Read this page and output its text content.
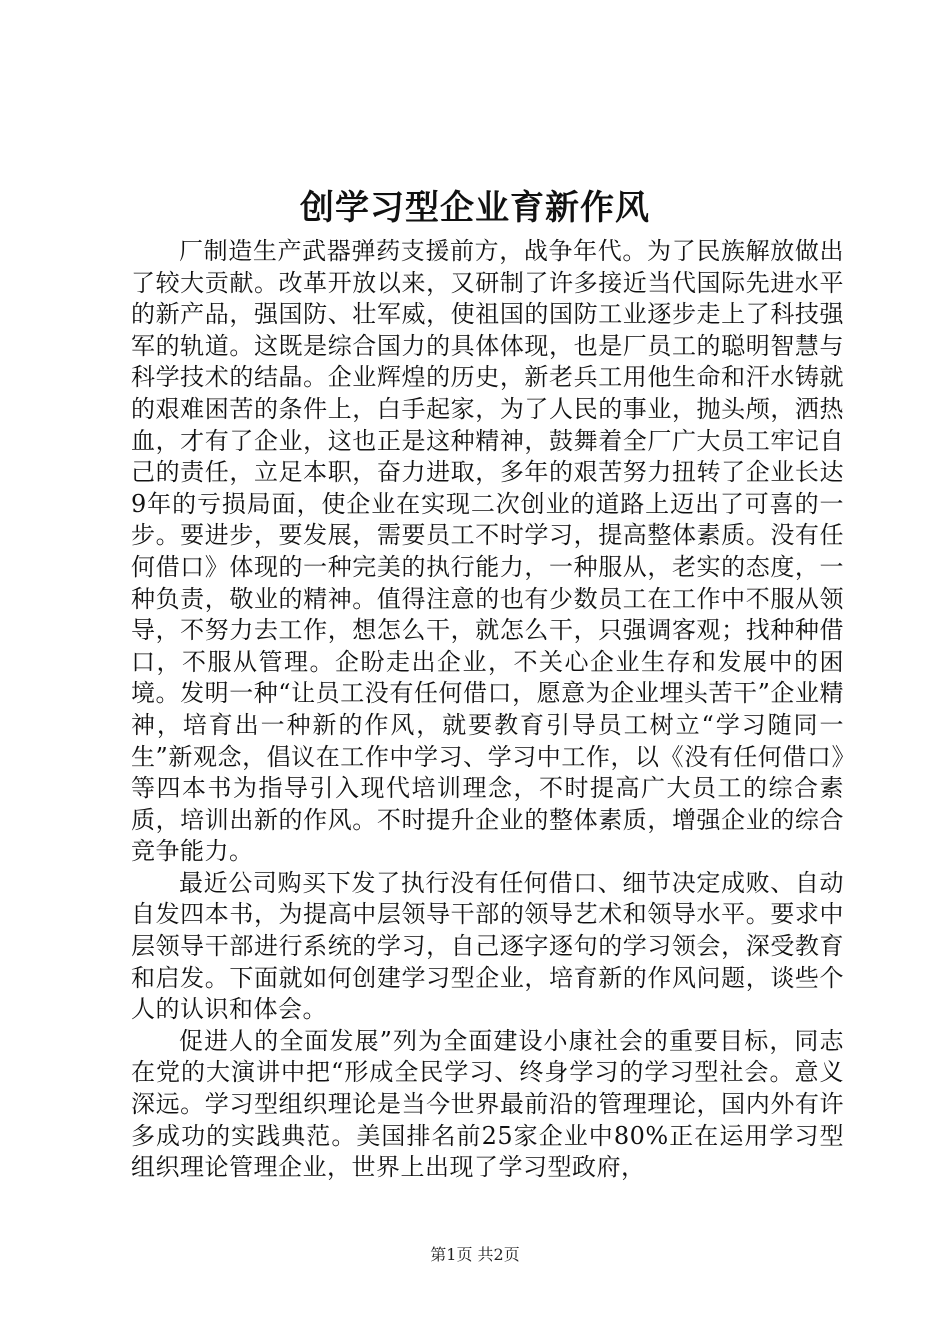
创学习型企业育新作风

厂制造生产武器弹药支援前方，战争年代。为了民族解放做出了较大贡献。改革开放以来，又研制了许多接近当代国际先进水平的新产品，强国防、壮军威，使祖国的国防工业逐步走上了科技强军的轨道。这既是综合国力的具体体现，也是厂员工的聪明智慧与科学技术的结晶。企业辉煌的历史，新老兵工用他生命和汗水铸就的艰难困苦的条件上，白手起家，为了人民的事业，抛头颅，洒热血，才有了企业，这也正是这种精神，鼓舞着全厂广大员工牢记自己的责任，立足本职，奋力进取，多年的艰苦努力扭转了企业长达9年的亏损局面，使企业在实现二次创业的道路上迈出了可喜的一步。要进步，要发展，需要员工不时学习，提高整体素质。没有任何借口》体现的一种完美的执行能力，一种服从，老实的态度，一种负责，敬业的精神。值得注意的也有少数员工在工作中不服从领导，不努力去工作，想怎么干，就怎么干，只强调客观；找种种借口，不服从管理。企盼走出企业，不关心企业生存和发展中的困境。发明一种“让员工没有任何借口，愿意为企业埋头苦干”企业精神，培育出一种新的作风，就要教育引导员工树立“学习随同一生”新观念，倡议在工作中学习、学习中工作，以《没有任何借口》等四本书为指导引入现代培训理念，不时提高广大员工的综合素质，培训出新的作风。不时提升企业的整体素质，增强企业的综合竞争能力。

最近公司购买下发了执行没有任何借口、细节决定成败、自动自发四本书，为提高中层领导干部的领导艺术和领导水平。要求中层领导干部进行系统的学习，自己逐字逐句的学习领会，深受教育和启发。下面就如何创建学习型企业，培育新的作风问题，谈些个人的认识和体会。

促进人的全面发展”列为全面建设小康社会的重要目标，同志在党的大演讲中把“形成全民学习、终身学习的学习型社会。意义深远。学习型组织理论是当今世界最前沿的管理理论，国内外有许多成功的实践典范。美国排名前25家企业中80%正在运用学习型组织理论管理企业，世界上出现了学习型政府，

第1页 共2页
